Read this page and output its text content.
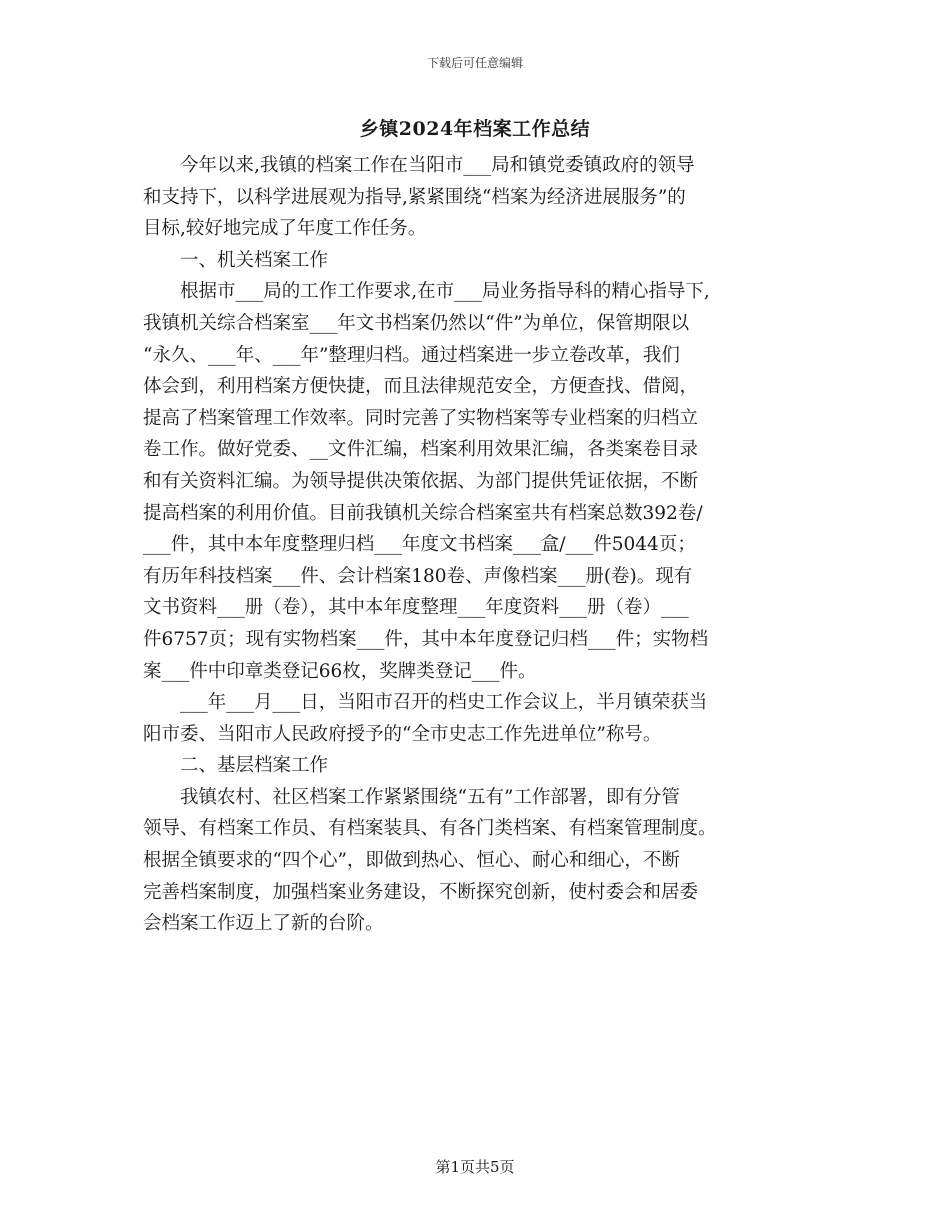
下载后可任意编辑
乡镇2024年档案工作总结
　　今年以来,我镇的档案工作在当阳市___局和镇党委镇政府的领导
和支持下，以科学进展观为指导,紧紧围绕“档案为经济进展服务”的
目标,较好地完成了年度工作任务。
　　一、机关档案工作
　　根据市___局的工作工作要求,在市___局业务指导科的精心指导下,
我镇机关综合档案室___年文书档案仍然以“件”为单位，保管期限以
“永久、___年、___年”整理归档。通过档案进一步立卷改革，我们
体会到，利用档案方便快捷，而且法律规范安全，方便查找、借阅，
提高了档案管理工作效率。同时完善了实物档案等专业档案的归档立
卷工作。做好党委、__文件汇编，档案利用效果汇编，各类案卷目录
和有关资料汇编。为领导提供决策依据、为部门提供凭证依据，不断
提高档案的利用价值。目前我镇机关综合档案室共有档案总数392卷/
___件，其中本年度整理归档___年度文书档案___盒/___件5044页；
有历年科技档案___件、会计档案180卷、声像档案___册(卷)。现有
文书资料___册（卷），其中本年度整理___年度资料___册（卷）___
件6757页；现有实物档案___件，其中本年度登记归档___件；实物档
案___件中印章类登记66枚，奖牌类登记___件。
　　___年___月___日，当阳市召开的档史工作会议上，半月镇荣获当
阳市委、当阳市人民政府授予的“全市史志工作先进单位”称号。
　　二、基层档案工作
　　我镇农村、社区档案工作紧紧围绕“五有”工作部署，即有分管
领导、有档案工作员、有档案装具、有各门类档案、有档案管理制度。
根据全镇要求的“四个心”，即做到热心、恒心、耐心和细心，不断
完善档案制度，加强档案业务建设，不断探究创新，使村委会和居委
会档案工作迈上了新的台阶。
第1页共5页
